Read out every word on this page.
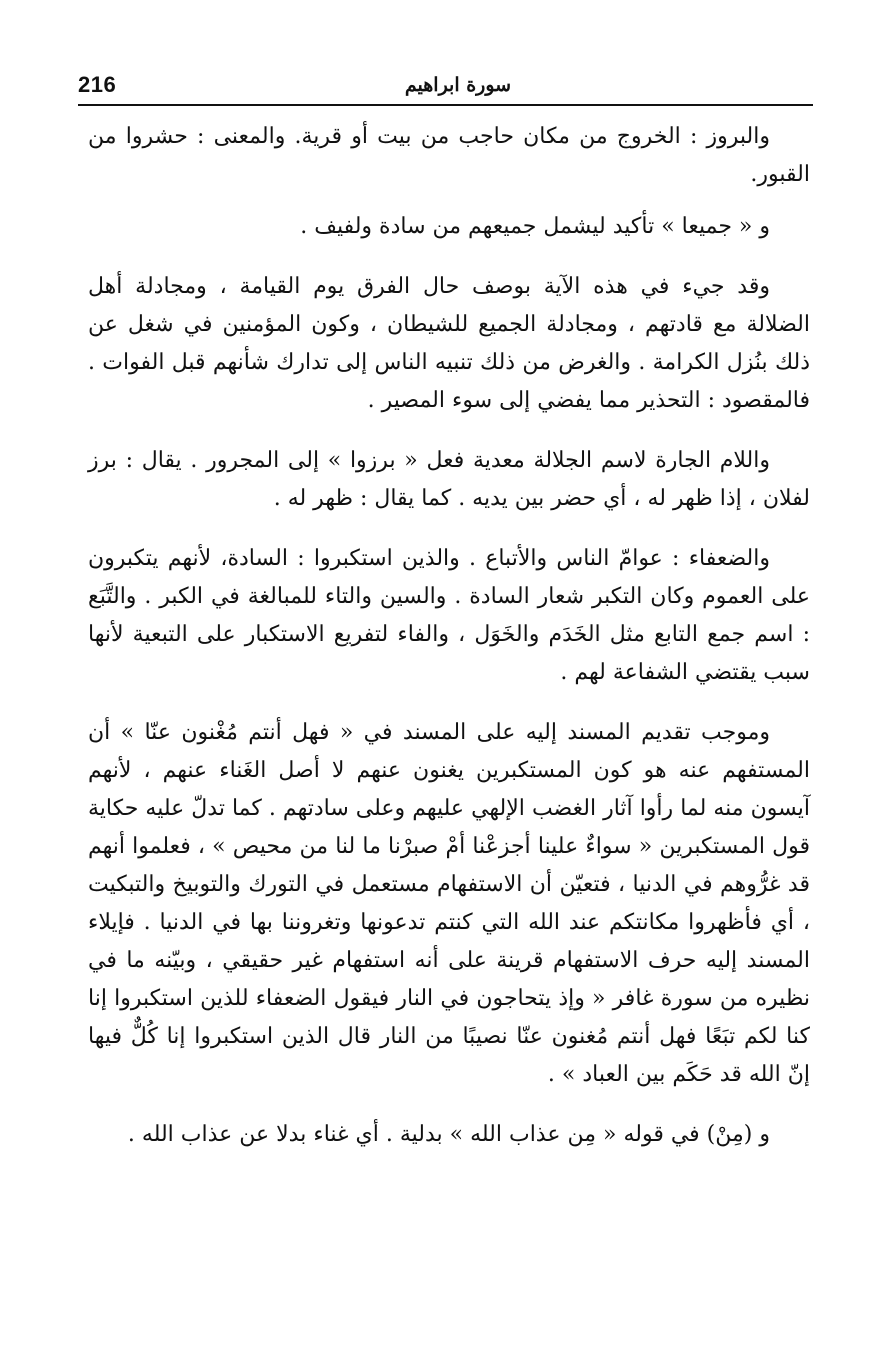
216	سورة ابراهيم

والبروز : الخروج من مكان حاجب من بيت أو قرية. والمعنى : حشروا من القبور.

و « جميعا » تأكيد ليشمل جميعهم من سادة ولفيف .

وقد جيء في هذه الآية بوصف حال الفرق يوم القيامة ، ومجادلة أهل الضلالة مع قادتهم ، ومجادلة الجميع للشيطان ، وكون المؤمنين في شغل عن ذلك بنُزل الكرامة . والغرض من ذلك تنبيه الناس إلى تدارك شأنهم قبل الفوات . فالمقصود : التحذير مما يفضي إلى سوء المصير .

واللام الجارة لاسم الجلالة معدية فعل « برزوا » إلى المجرور . يقال : برز لفلان ، إذا ظهر له ، أي حضر بين يديه . كما يقال : ظهر له .

والضعفاء : عوامّ الناس والأتباع . والذين استكبروا : السادة، لأنهم يتكبرون على العموم وكان التكبر شعار السادة . والسين والتاء للمبالغة في الكبر . والتَّبَع : اسم جمع التابع مثل الخَدَم والخَوَل ، والفاء لتفريع الاستكبار على التبعية لأنها سبب يقتضي الشفاعة لهم .

وموجب تقديم المسند إليه على المسند في « فهل أنتم مُغْنون عنّا » أن المستفهم عنه هو كون المستكبرين يغنون عنهم لا أصل الغَناء عنهم ، لأنهم آيسون منه لما رأوا آثار الغضب الإلهي عليهم وعلى سادتهم . كما تدلّ عليه حكاية قول المستكبرين « سواءٌ علينا أجزعْنا أمْ صبرْنا ما لنا من محيص » ، فعلموا أنهم قد غرُّوهم في الدنيا ، فتعيّن أن الاستفهام مستعمل في التورك والتوبيخ والتبكيت ، أي فأظهروا مكانتكم عند الله التي كنتم تدعونها وتغروننا بها في الدنيا . فإيلاء المسند إليه حرف الاستفهام قرينة على أنه استفهام غير حقيقي ، وبيّنه ما في نظيره من سورة غافر « وإذ يتحاجون في النار فيقول الضعفاء للذين استكبروا إنا كنا لكم تبَعًا فهل أنتم مُغنون عنّا نصيبًا من النار قال الذين استكبروا إنا كُلٌّ فيها إنّ الله قد حَكَم بين العباد » .

و (مِنْ) في قوله « مِن عذاب الله » بدلية . أي غناء بدلا عن عذاب الله .
